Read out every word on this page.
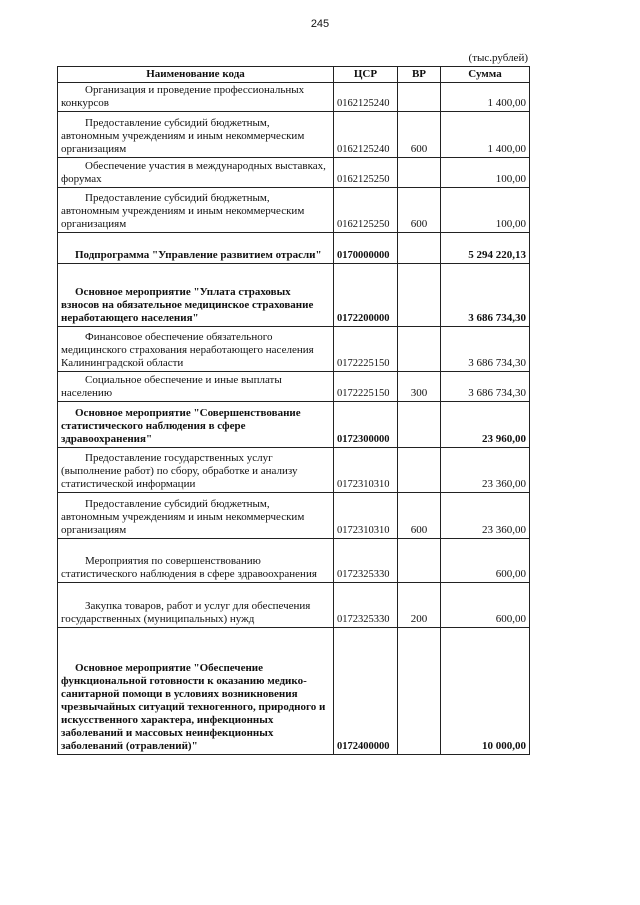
245
(тыс.рублей)
Наименование кода	ЦСР	ВР	Сумма

Организация и проведение профессиональных конкурсов	0162125240		1 400,00

Предоставление субсидий бюджетным, автономным учреждениям и иным некоммерческим организациям	0162125240	600	1 400,00

Обеспечение участия в международных выставках, форумах	0162125250		100,00

Предоставление субсидий бюджетным, автономным учреждениям и иным некоммерческим организациям	0162125250	600	100,00

Подпрограмма "Управление развитием отрасли"	0170000000		5 294 220,13

Основное мероприятие "Уплата страховых взносов на обязательное медицинское страхование неработающего населения"	0172200000		3 686 734,30

Финансовое обеспечение обязательного медицинского страхования неработающего населения Калининградской области	0172225150		3 686 734,30

Социальное обеспечение и иные выплаты населению	0172225150	300	3 686 734,30

Основное мероприятие "Совершенствование статистического наблюдения в сфере здравоохранения"	0172300000		23 960,00

Предоставление государственных услуг (выполнение работ) по сбору, обработке и анализу статистической информации	0172310310		23 360,00

Предоставление субсидий бюджетным, автономным учреждениям и иным некоммерческим организациям	0172310310	600	23 360,00

Мероприятия по совершенствованию статистического наблюдения в сфере здравоохранения	0172325330		600,00

Закупка товаров, работ и услуг для обеспечения государственных (муниципальных) нужд	0172325330	200	600,00

Основное мероприятие "Обеспечение функциональной готовности к оказанию медико-санитарной помощи в условиях возникновения чрезвычайных ситуаций техногенного, природного и искусственного характера, инфекционных заболеваний и массовых неинфекционных заболеваний (отравлений)"	0172400000		10 000,00
